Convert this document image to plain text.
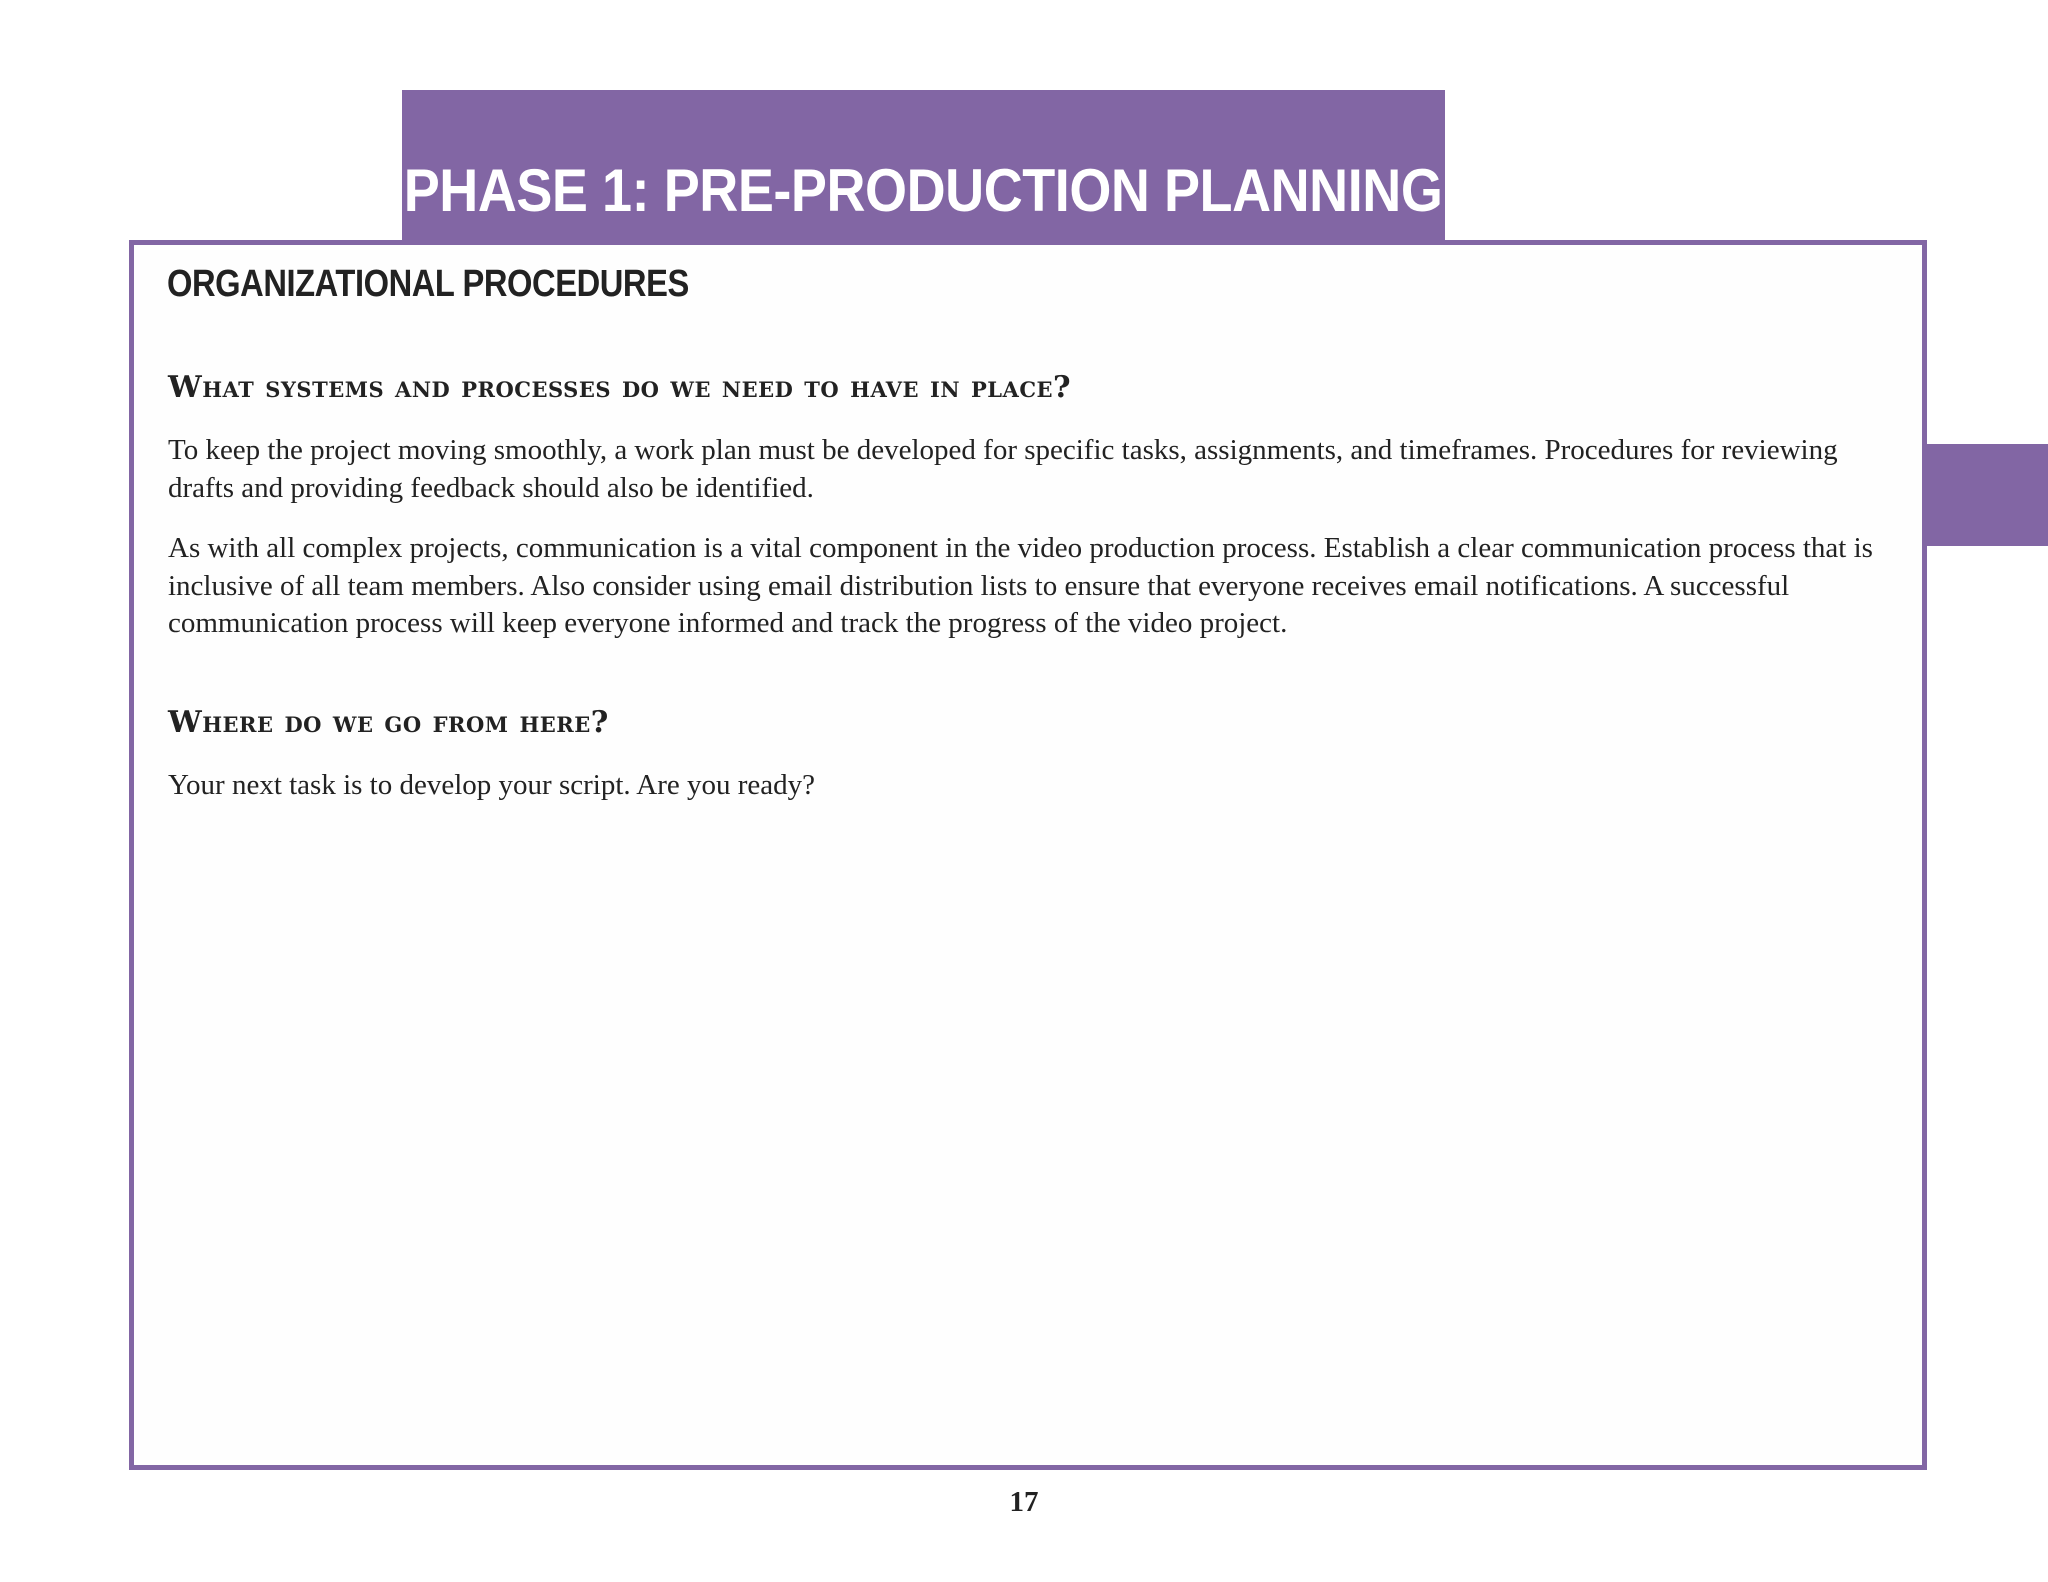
PHASE 1: PRE-PRODUCTION PLANNING
ORGANIZATIONAL PROCEDURES
What systems and processes do we need to have in place?

To keep the project moving smoothly, a work plan must be developed for specific tasks, assignments, and timeframes. Procedures for reviewing drafts and providing feedback should also be identified.

As with all complex projects, communication is a vital component in the video production process. Establish a clear communication process that is inclusive of all team members. Also consider using email distribution lists to ensure that everyone receives email notifications. A successful communication process will keep everyone informed and track the progress of the video project.

Where do we go from here?

Your next task is to develop your script. Are you ready?

17
